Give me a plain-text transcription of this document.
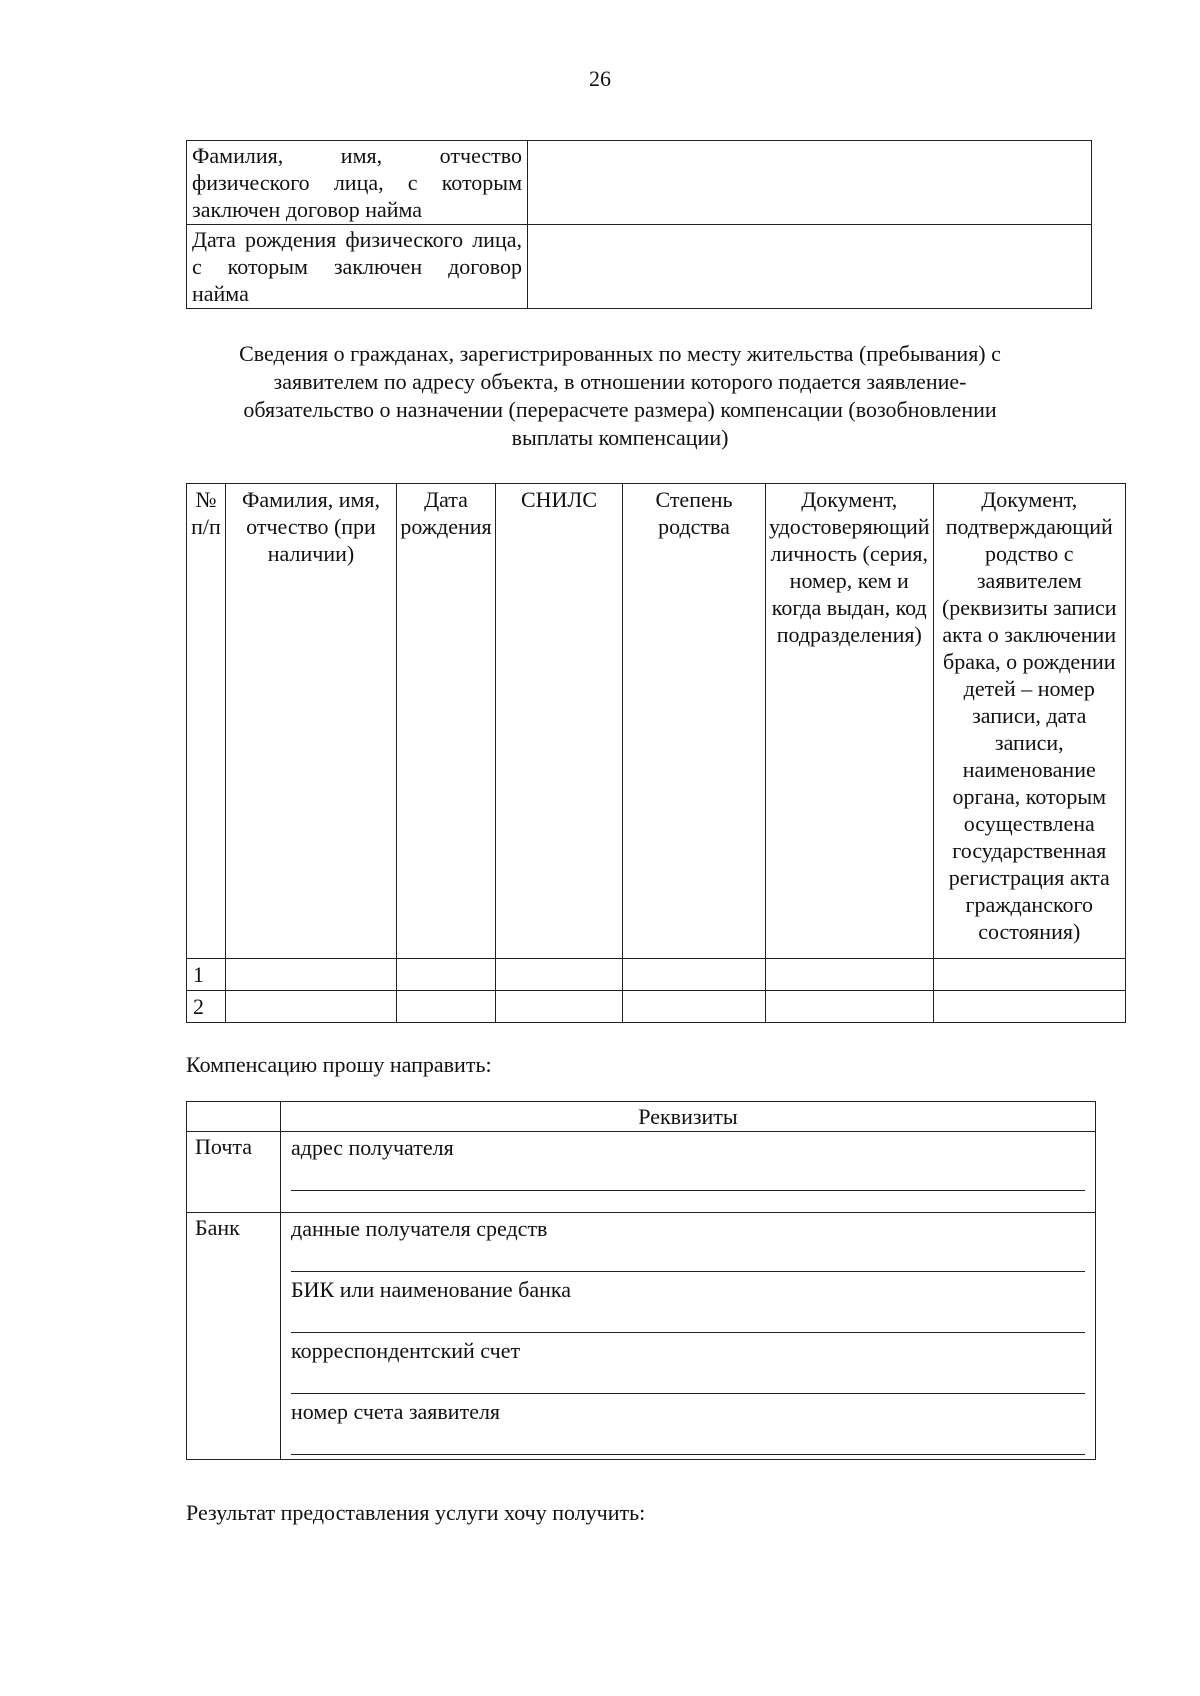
26
Фамилия, имя, отчество физического лица, с которым заключен договор найма	
Дата рождения физического лица, с которым заключен договор найма	
Сведения о гражданах, зарегистрированных по месту жительства (пребывания) с заявителем по адресу объекта, в отношении которого подается заявление-обязательство о назначении (перерасчете размера) компенсации (возобновлении выплаты компенсации)
№ п/п	Фамилия, имя, отчество (при наличии)	Дата рождения	СНИЛС	Степень родства	Документ, удостоверяющий личность (серия, номер, кем и когда выдан, код подразделения)	Документ, подтверждающий родство с заявителем (реквизиты записи акта о заключении брака, о рождении детей – номер записи, дата записи, наименование органа, которым осуществлена государственная регистрация акта гражданского состояния)
1						
2						
Компенсацию прошу направить:
	Реквизиты
Почта	адрес получателя

Банк	данные получателя средств
БИК или наименование банка
корреспондентский счет
номер счета заявителя
Результат предоставления услуги хочу получить:
